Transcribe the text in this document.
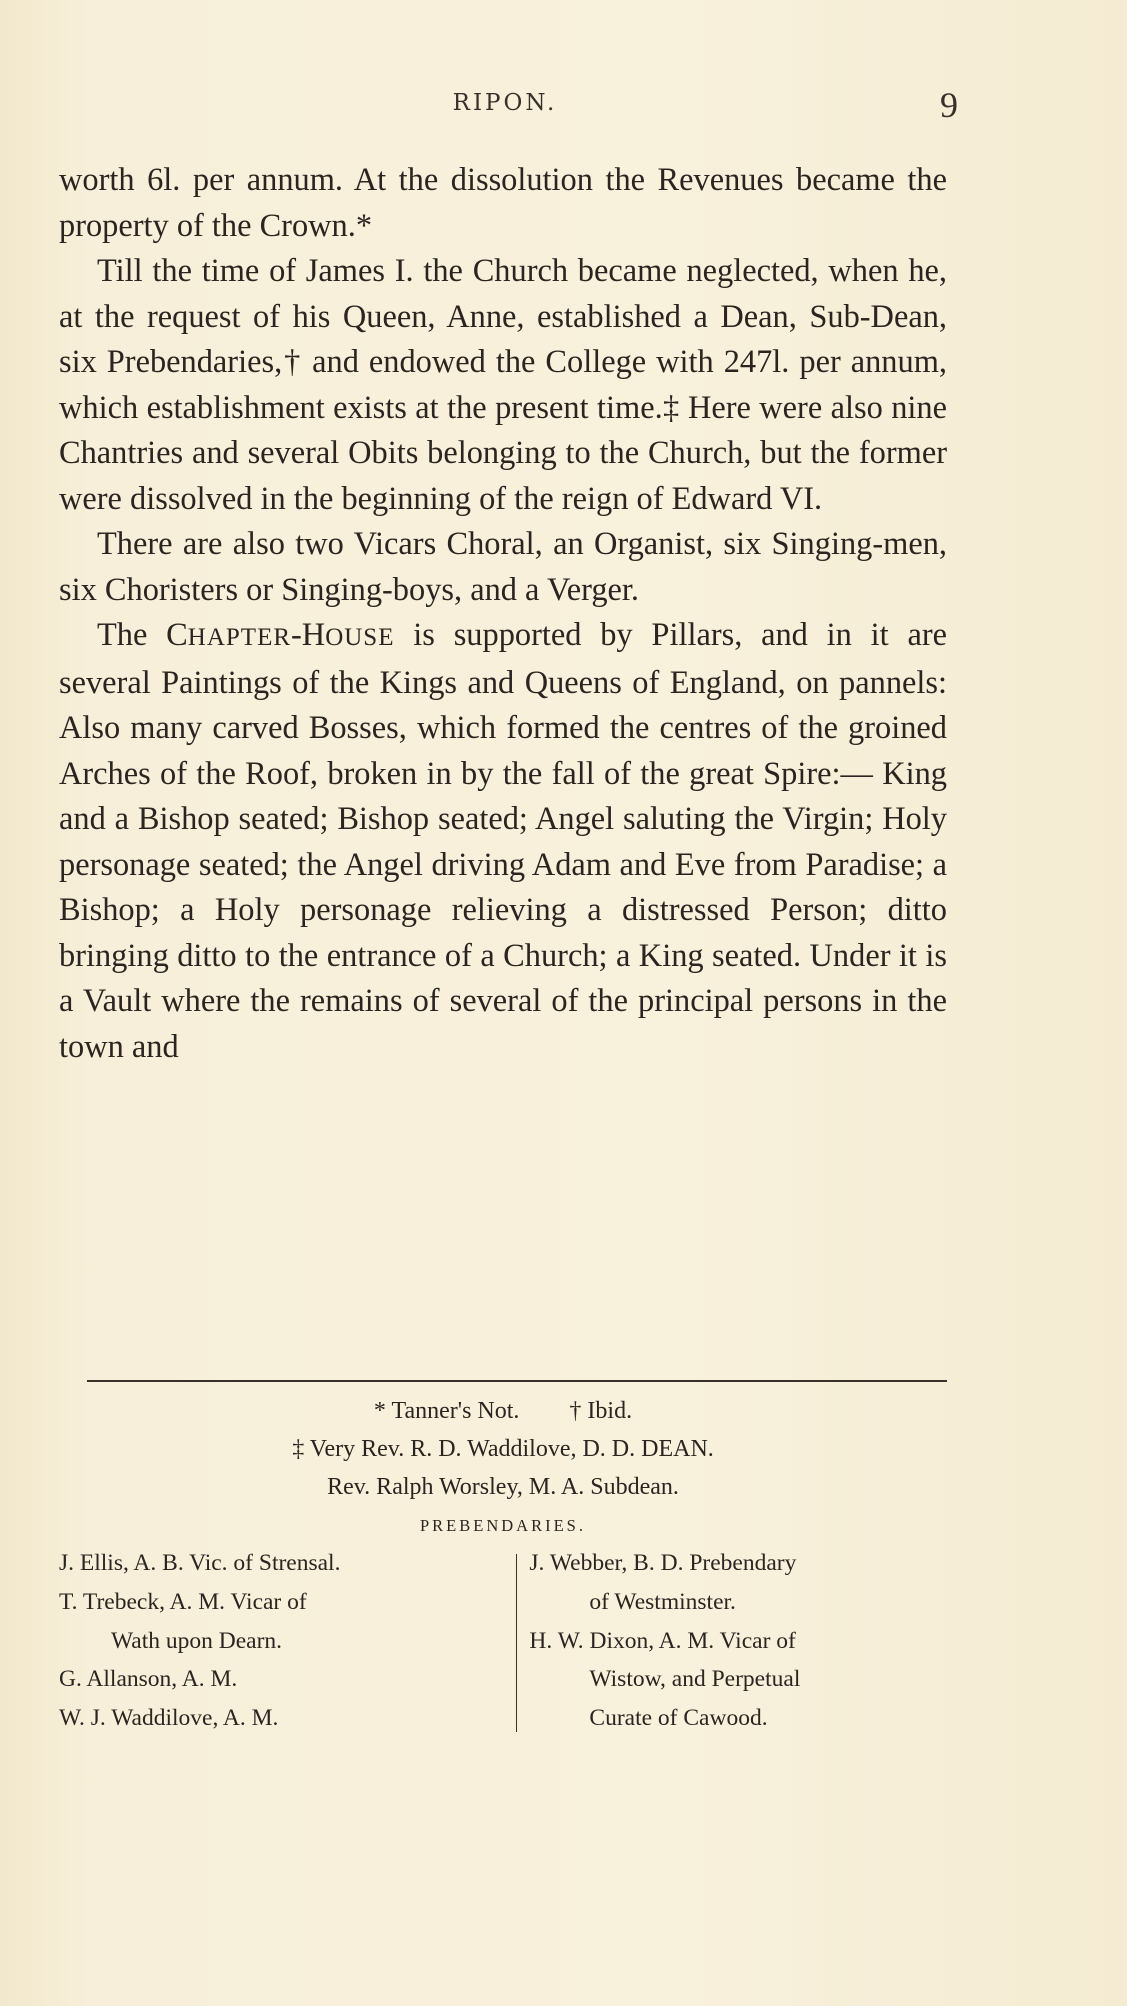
RIPON.	9

worth 6l. per annum. At the dissolution the Revenues became the property of the Crown.*

Till the time of James I. the Church became neglected, when he, at the request of his Queen, Anne, established a Dean, Sub-Dean, six Prebendaries,† and endowed the College with 247l. per annum, which establishment exists at the present time.‡ Here were also nine Chantries and several Obits belonging to the Church, but the former were dissolved in the beginning of the reign of Edward VI.

There are also two Vicars Choral, an Organist, six Singing-men, six Choristers or Singing-boys, and a Verger.

The CHAPTER-HOUSE is supported by Pillars, and in it are several Paintings of the Kings and Queens of England, on pannels: Also many carved Bosses, which formed the centres of the groined Arches of the Roof, broken in by the fall of the great Spire:— King and a Bishop seated; Bishop seated; Angel saluting the Virgin; Holy personage seated; the Angel driving Adam and Eve from Paradise; a Bishop; a Holy personage relieving a distressed Person; ditto bringing ditto to the entrance of a Church; a King seated. Under it is a Vault where the remains of several of the principal persons in the town and

* Tanner's Not. † Ibid.
‡ Very Rev. R. D. Waddilove, D. D. DEAN.
Rev. Ralph Worsley, M. A. Subdean.
PREBENDARIES.
J. Ellis, A. B. Vic. of Strensal.
T. Trebeck, A. M. Vicar of
Wath upon Dearn.
G. Allanson, A. M.
W. J. Waddilove, A. M.
J. Webber, B. D. Prebendary
of Westminster.
H. W. Dixon, A. M. Vicar of
Wistow, and Perpetual
Curate of Cawood.
